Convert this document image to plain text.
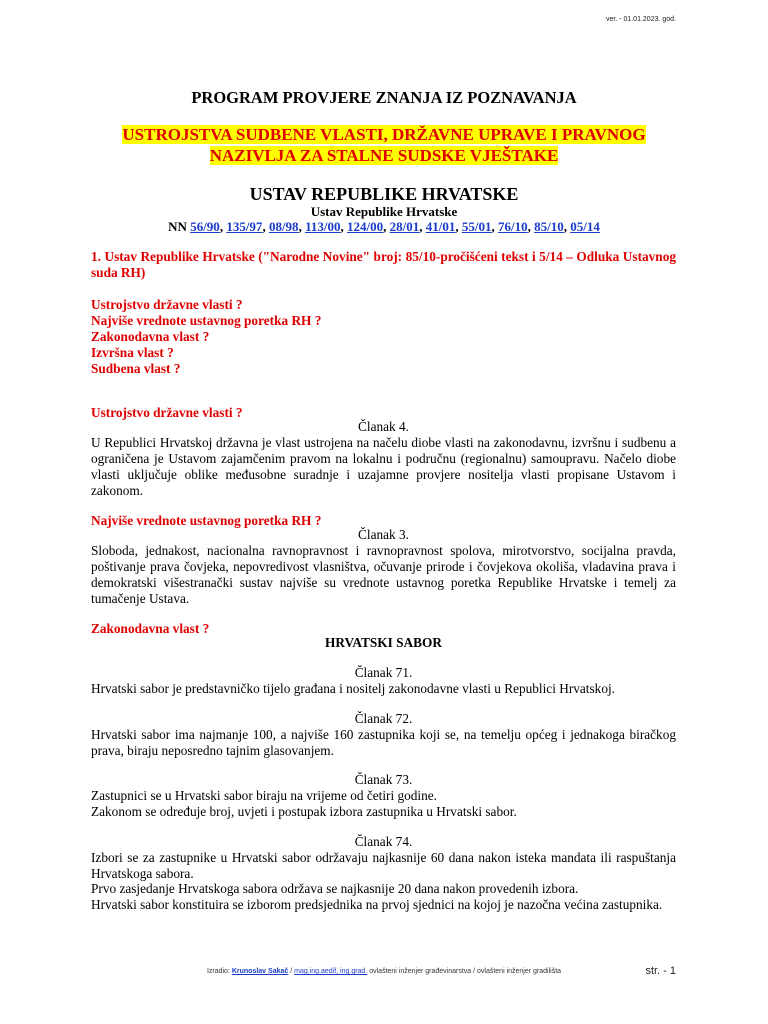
ver. - 01.01.2023. god.
PROGRAM PROVJERE ZNANJA IZ POZNAVANJA
USTROJSTVA SUDBENE VLASTI, DRŽAVNE UPRAVE I PRAVNOG
NAZIVLJA ZA STALNE SUDSKE VJEŠTAKE
USTAV REPUBLIKE HRVATSKE
Ustav Republike Hrvatske
NN 56/90, 135/97, 08/98, 113/00, 124/00, 28/01, 41/01, 55/01, 76/10, 85/10, 05/14
1. Ustav Republike Hrvatske ("Narodne Novine" broj: 85/10-pročišćeni tekst i 5/14 – Odluka Ustavnog suda RH)
Ustrojstvo državne vlasti ?
Najviše vrednote ustavnog poretka RH ?
Zakonodavna vlast ?
Izvršna vlast ?
Sudbena vlast ?
Ustrojstvo državne vlasti ?
Članak 4.
U Republici Hrvatskoj državna je vlast ustrojena na načelu diobe vlasti na zakonodavnu, izvršnu i sudbenu a ograničena je Ustavom zajamčenim pravom na lokalnu i područnu (regionalnu) samoupravu. Načelo diobe vlasti uključuje oblike međusobne suradnje i uzajamne provjere nositelja vlasti propisane Ustavom i zakonom.
Najviše vrednote ustavnog poretka RH ?
Članak 3.
Sloboda, jednakost, nacionalna ravnopravnost i ravnopravnost spolova, mirotvorstvo, socijalna pravda, poštivanje prava čovjeka, nepovredivost vlasništva, očuvanje prirode i čovjekova okoliša, vladavina prava i demokratski višestranački sustav najviše su vrednote ustavnog poretka Republike Hrvatske i temelj za tumačenje Ustava.
Zakonodavna vlast ?
HRVATSKI SABOR
Članak 71.
Hrvatski sabor je predstavničko tijelo građana i nositelj zakonodavne vlasti u Republici Hrvatskoj.
Članak 72.
Hrvatski sabor ima najmanje 100, a najviše 160 zastupnika koji se, na temelju općeg i jednakoga biračkog prava, biraju neposredno tajnim glasovanjem.
Članak 73.
Zastupnici se u Hrvatski sabor biraju na vrijeme od četiri godine.
Zakonom se određuje broj, uvjeti i postupak izbora zastupnika u Hrvatski sabor.
Članak 74.
Izbori se za zastupnike u Hrvatski sabor održavaju najkasnije 60 dana nakon isteka mandata ili raspuštanja Hrvatskoga sabora.
Prvo zasjedanje Hrvatskoga sabora održava se najkasnije 20 dana nakon provedenih izbora.
Hrvatski sabor konstituira se izborom predsjednika na prvoj sjednici na kojoj je nazočna većina zastupnika.
Izradio: Krunoslav Sakač / mag.ing.aedif, ing.grad. ovlašteni inženjer građevinarstva / ovlašteni inženjer gradilišta	str. - 1
